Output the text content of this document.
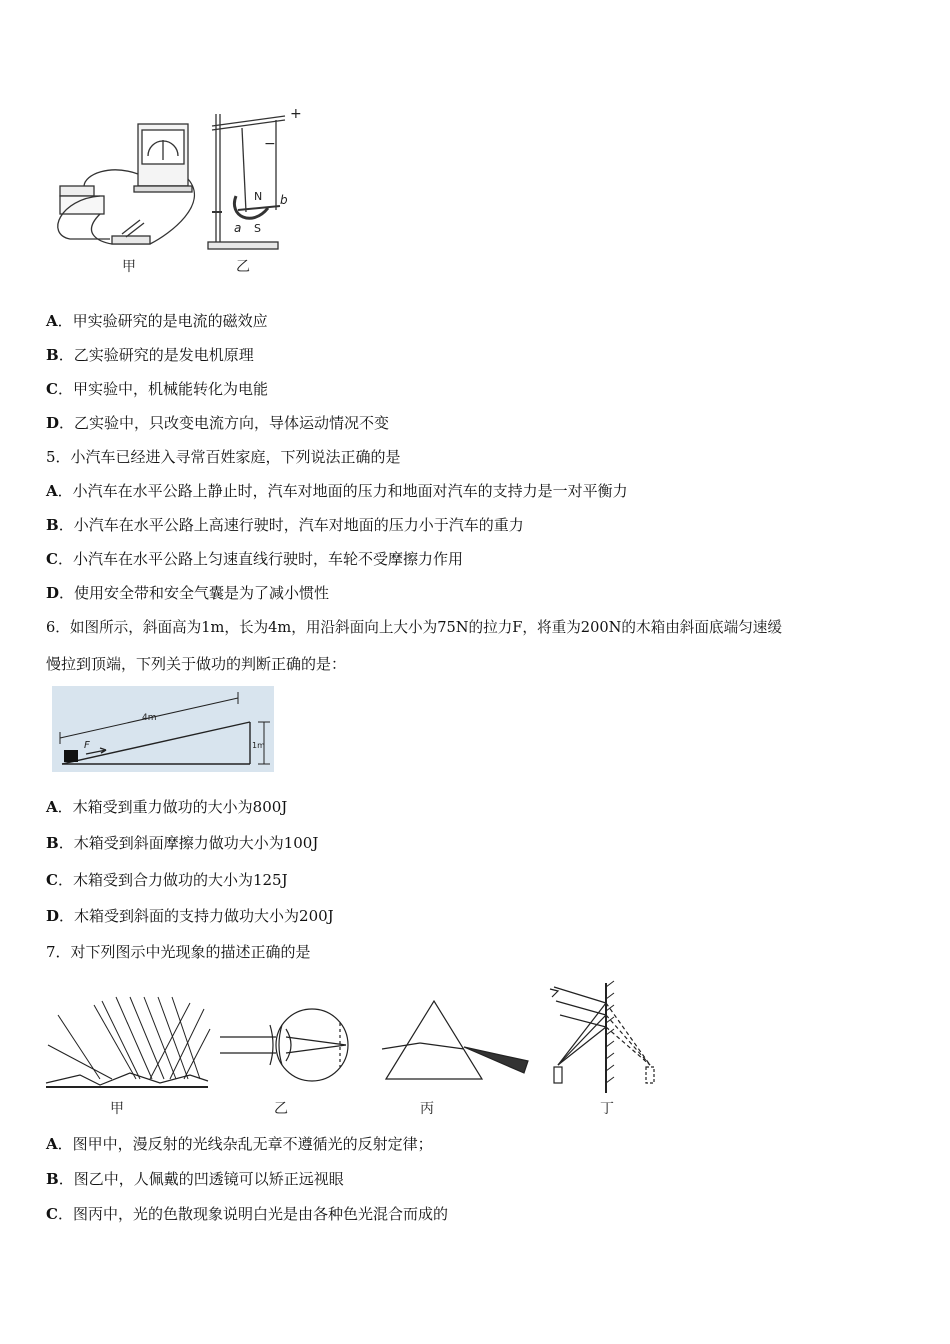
+
−
N
S
a
b
甲	乙
A．甲实验研究的是电流的磁效应
B．乙实验研究的是发电机原理
C．甲实验中，机械能转化为电能
D．乙实验中，只改变电流方向，导体运动情况不变
5．小汽车已经进入寻常百姓家庭，下列说法正确的是
A．小汽车在水平公路上静止时，汽车对地面的压力和地面对汽车的支持力是一对平衡力
B．小汽车在水平公路上高速行驶时，汽车对地面的压力小于汽车的重力
C．小汽车在水平公路上匀速直线行驶时，车轮不受摩擦力作用
D．使用安全带和安全气囊是为了减小惯性
6．如图所示，斜面高为1m，长为4m，用沿斜面向上大小为75N的拉力F，将重为200N的木箱由斜面底端匀速缓
慢拉到顶端，下列关于做功的判断正确的是：
4m
1m
F
A．木箱受到重力做功的大小为800J
B．木箱受到斜面摩擦力做功大小为100J
C．木箱受到合力做功的大小为125J
D．木箱受到斜面的支持力做功大小为200J
7．对下列图示中光现象的描述正确的是
甲	乙	丙	丁
A．图甲中，漫反射的光线杂乱无章不遵循光的反射定律；
B．图乙中，人佩戴的凹透镜可以矫正远视眼
C．图丙中，光的色散现象说明白光是由各种色光混合而成的
